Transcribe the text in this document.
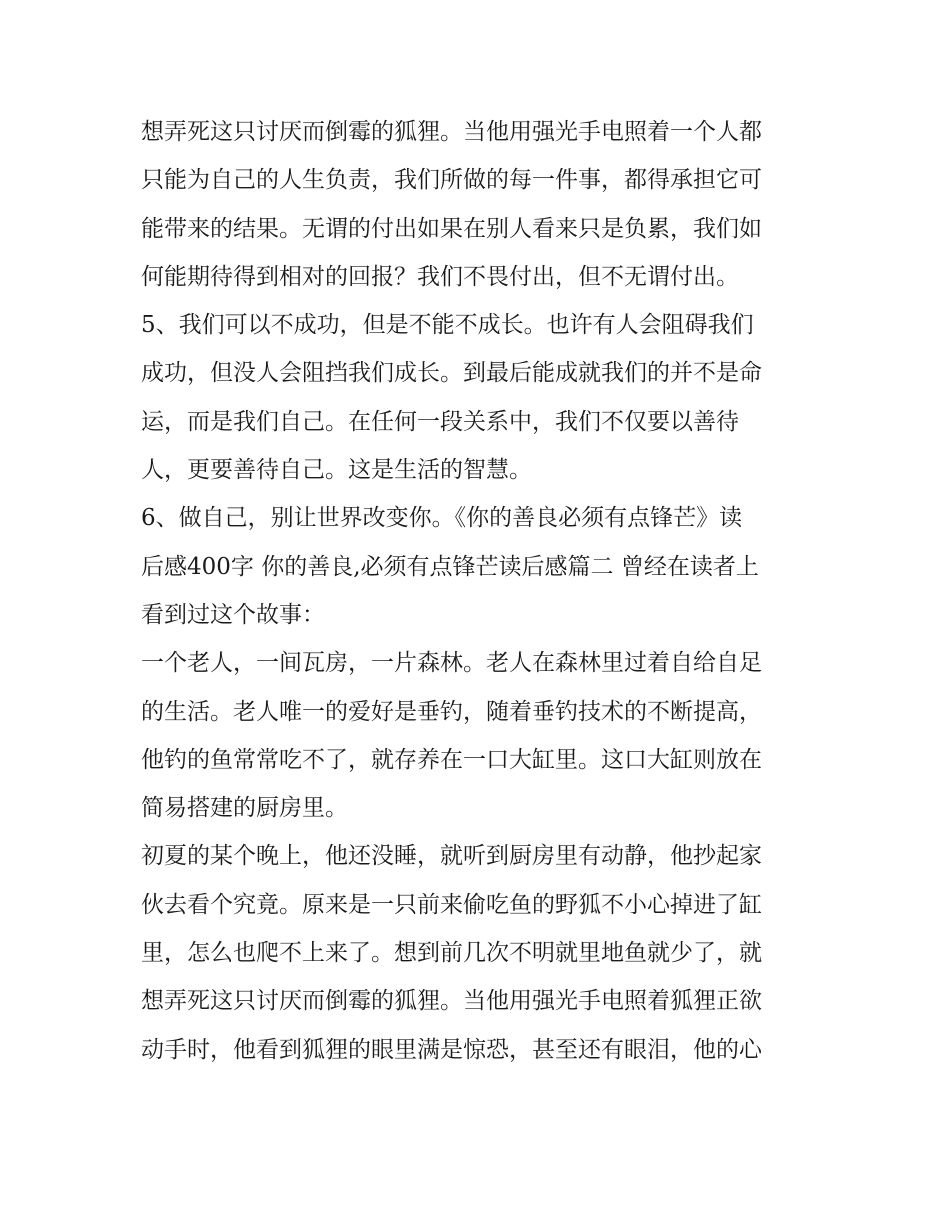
想弄死这只讨厌而倒霉的狐狸。当他用强光手电照着一个人都
只能为自己的人生负责，我们所做的每一件事，都得承担它可
能带来的结果。无谓的付出如果在别人看来只是负累，我们如
何能期待得到相对的回报？我们不畏付出，但不无谓付出。
5、我们可以不成功，但是不能不成长。也许有人会阻碍我们
成功，但没人会阻挡我们成长。到最后能成就我们的并不是命
运，而是我们自己。在任何一段关系中，我们不仅要以善待
人，更要善待自己。这是生活的智慧。
6、做自己，别让世界改变你。《你的善良必须有点锋芒》读
后感400字 你的善良,必须有点锋芒读后感篇二 曾经在读者上
看到过这个故事：
一个老人，一间瓦房，一片森林。老人在森林里过着自给自足
的生活。老人唯一的爱好是垂钓，随着垂钓技术的不断提高，
他钓的鱼常常吃不了，就存养在一口大缸里。这口大缸则放在
简易搭建的厨房里。
初夏的某个晚上，他还没睡，就听到厨房里有动静，他抄起家
伙去看个究竟。原来是一只前来偷吃鱼的野狐不小心掉进了缸
里，怎么也爬不上来了。想到前几次不明就里地鱼就少了，就
想弄死这只讨厌而倒霉的狐狸。当他用强光手电照着狐狸正欲
动手时，他看到狐狸的眼里满是惊恐，甚至还有眼泪，他的心
